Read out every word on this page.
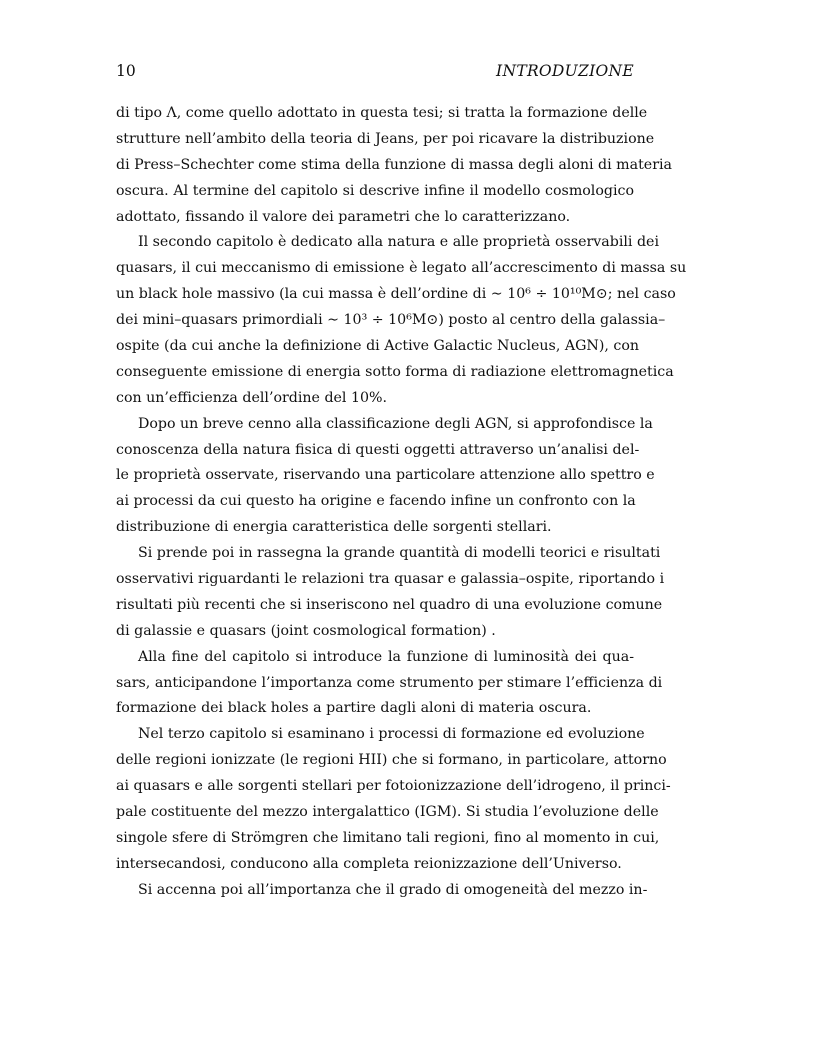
10	INTRODUZIONE
di tipo Λ, come quello adottato in questa tesi; si tratta la formazione delle
strutture nell’ambito della teoria di Jeans, per poi ricavare la distribuzione
di Press–Schechter come stima della funzione di massa degli aloni di materia
oscura. Al termine del capitolo si descrive infine il modello cosmologico
adottato, fissando il valore dei parametri che lo caratterizzano.
Il secondo capitolo è dedicato alla natura e alle proprietà osservabili dei
quasars, il cui meccanismo di emissione è legato all’accrescimento di massa su
un black hole massivo (la cui massa è dell’ordine di ∼ 10⁶ ÷ 10¹⁰M⊙; nel caso
dei mini–quasars primordiali ∼ 10³ ÷ 10⁶M⊙) posto al centro della galassia–
ospite (da cui anche la definizione di Active Galactic Nucleus, AGN), con
conseguente emissione di energia sotto forma di radiazione elettromagnetica
con un’efficienza dell’ordine del 10%.
Dopo un breve cenno alla classificazione degli AGN, si approfondisce la
conoscenza della natura fisica di questi oggetti attraverso un’analisi del-
le proprietà osservate, riservando una particolare attenzione allo spettro e
ai processi da cui questo ha origine e facendo infine un confronto con la
distribuzione di energia caratteristica delle sorgenti stellari.
Si prende poi in rassegna la grande quantità di modelli teorici e risultati
osservativi riguardanti le relazioni tra quasar e galassia–ospite, riportando i
risultati più recenti che si inseriscono nel quadro di una evoluzione comune
di galassie e quasars (joint cosmological formation) .
Alla fine del capitolo si introduce la funzione di luminosità dei qua-
sars, anticipandone l’importanza come strumento per stimare l’efficienza di
formazione dei black holes a partire dagli aloni di materia oscura.
Nel terzo capitolo si esaminano i processi di formazione ed evoluzione
delle regioni ionizzate (le regioni HII) che si formano, in particolare, attorno
ai quasars e alle sorgenti stellari per fotoionizzazione dell’idrogeno, il princi-
pale costituente del mezzo intergalattico (IGM). Si studia l’evoluzione delle
singole sfere di Strömgren che limitano tali regioni, fino al momento in cui,
intersecandosi, conducono alla completa reionizzazione dell’Universo.
Si accenna poi all’importanza che il grado di omogeneità del mezzo in-
